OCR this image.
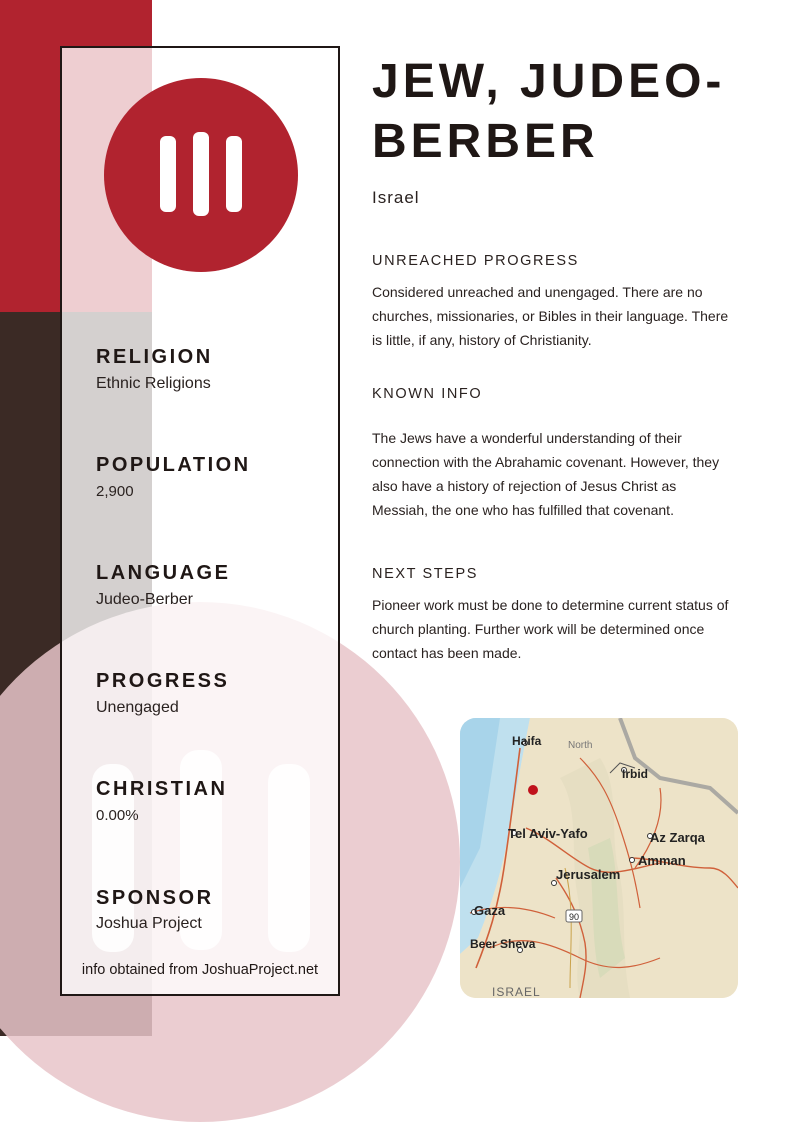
RELIGION
Ethnic Religions
POPULATION
2,900
LANGUAGE
Judeo-Berber
PROGRESS
Unengaged
CHRISTIAN
0.00%
SPONSOR
Joshua Project
info obtained from JoshuaProject.net
JEW, JUDEO-BERBER
Israel
UNREACHED PROGRESS
Considered unreached and unengaged. There are no churches, missionaries, or Bibles in their language. There is little, if any, history of Christianity.
KNOWN INFO
The Jews have a wonderful understanding of their connection with the Abrahamic covenant. However, they also have a history of rejection of Jesus Christ as Messiah, the one who has fulfilled that covenant.
NEXT STEPS
Pioneer work must be done to determine current status of church planting. Further work will be determined once contact has been made.
90
Haifa	North
Irbid
Tel Aviv-Yafo	Az Zarqa
Amman
Jerusalem
Gaza
Beer Sheva
ISRAEL
